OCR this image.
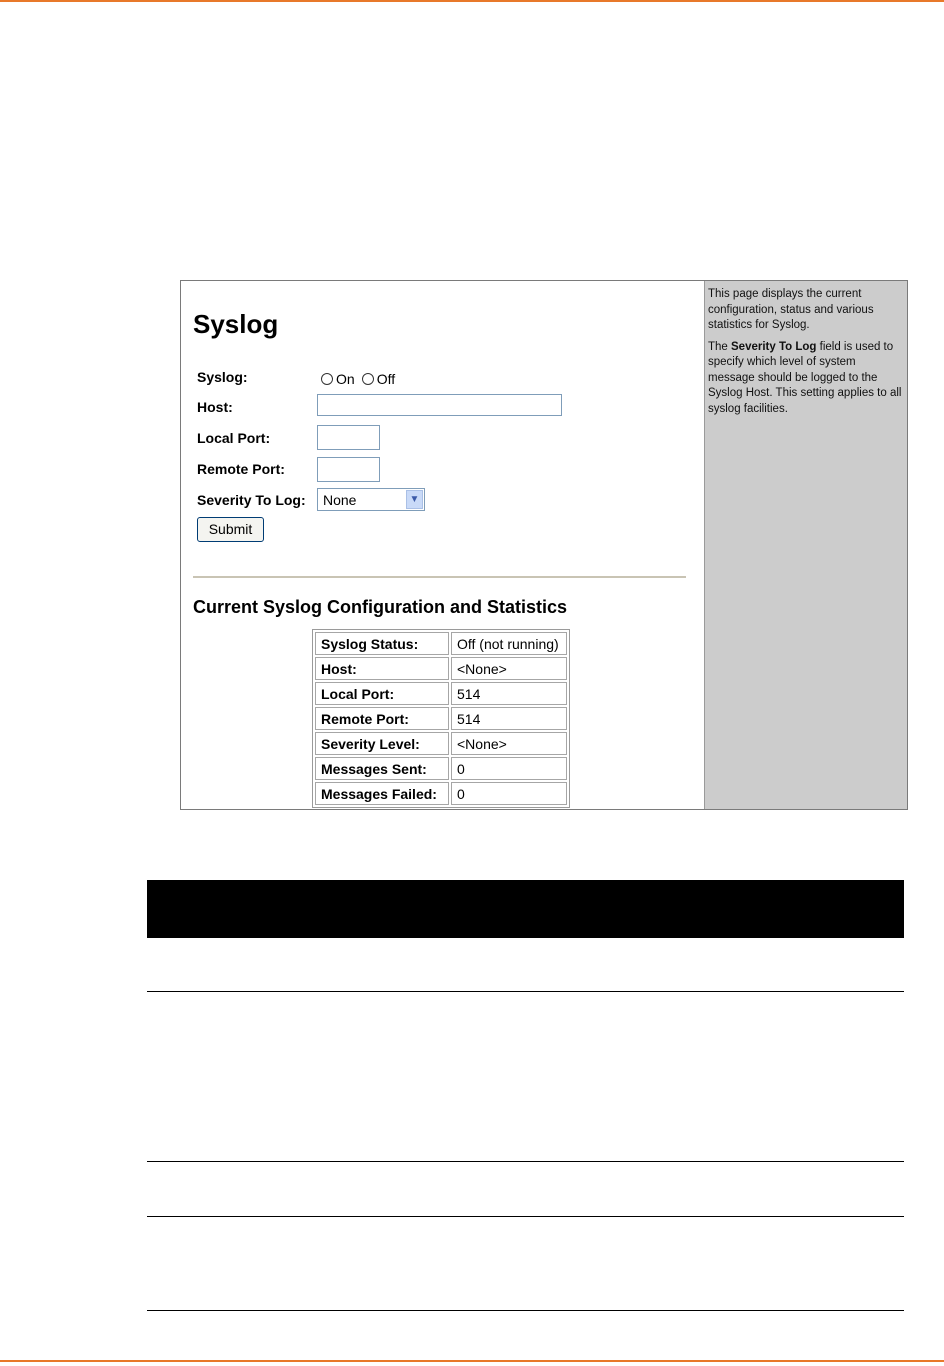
Syslog
Syslog:	On Off
Host:
Local Port:
Remote Port:
Severity To Log: None	▼
Submit
Current Syslog Configuration and Statistics
Syslog Status:	Off (not running)
Host:	<None>
Local Port:	514
Remote Port:	514
Severity Level:	<None>
Messages Sent:	0
Messages Failed:	0

This page displays the current configuration, status and various statistics for Syslog.

The Severity To Log field is used to specify which level of system message should be logged to the Syslog Host. This setting applies to all syslog facilities.
